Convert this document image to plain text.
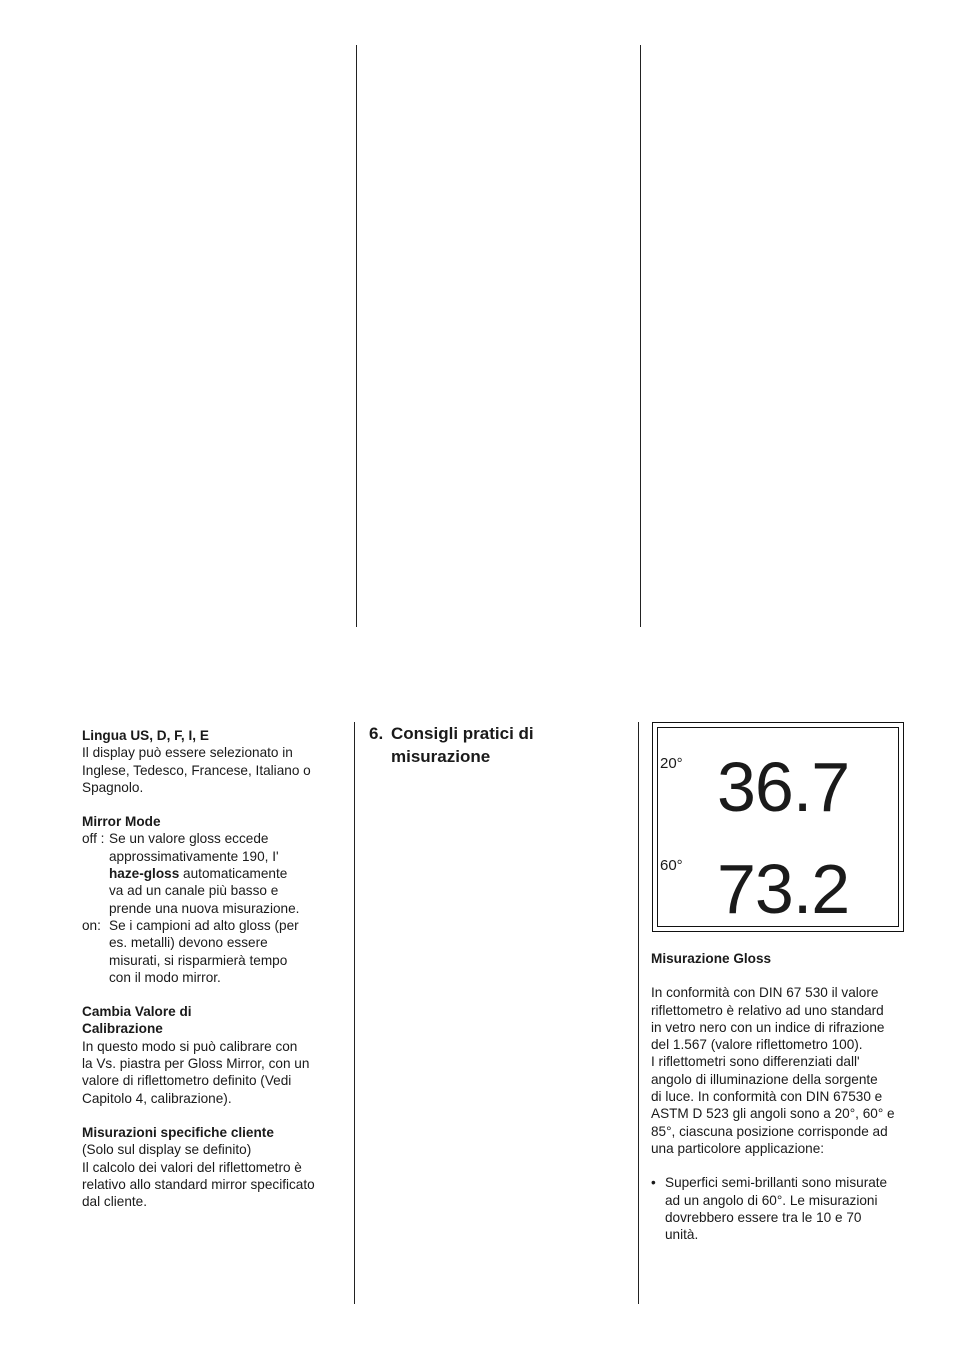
Lingua US, D, F, I, E

Il display può essere selezionato in

Inglese, Tedesco, Francese, Italiano o

Spagnolo.

Mirror Mode

off : Se un valore gloss eccede

approssimativamente 190, I'

haze-gloss automaticamente

va ad un canale più basso e

prende una nuova misurazione.

on: Se i campioni ad alto gloss (per

es. metalli) devono essere

misurati, si risparmierà tempo

con il modo mirror.

Cambia Valore di

Calibrazione

In questo modo si può calibrare con

la Vs. piastra per Gloss Mirror, con un

valore di riflettometro definito (Vedi

Capitolo 4, calibrazione).

Misurazioni specifiche cliente

(Solo sul display se definito)

Il calcolo dei valori del riflettometro è

relativo allo standard mirror specificato

dal cliente.

6. Consigli pratici di
misurazione	20° 36.7
60° 73.2

Misurazione Gloss

In conformità con DIN 67 530 il valore

riflettometro è relativo ad uno standard

in vetro nero con un indice di rifrazione

del 1.567 (valore riflettometro 100).

I riflettometri sono differenziati dall'

angolo di illuminazione della sorgente

di luce. In conformità con DIN 67530 e

ASTM D 523 gli angoli sono a 20°, 60° e

85°, ciascuna posizione corrisponde ad

una particolore applicazione:

• Superfici semi-brillanti sono misurate

ad un angolo di 60°. Le misurazioni

dovrebbero essere tra le 10 e 70

unità.
